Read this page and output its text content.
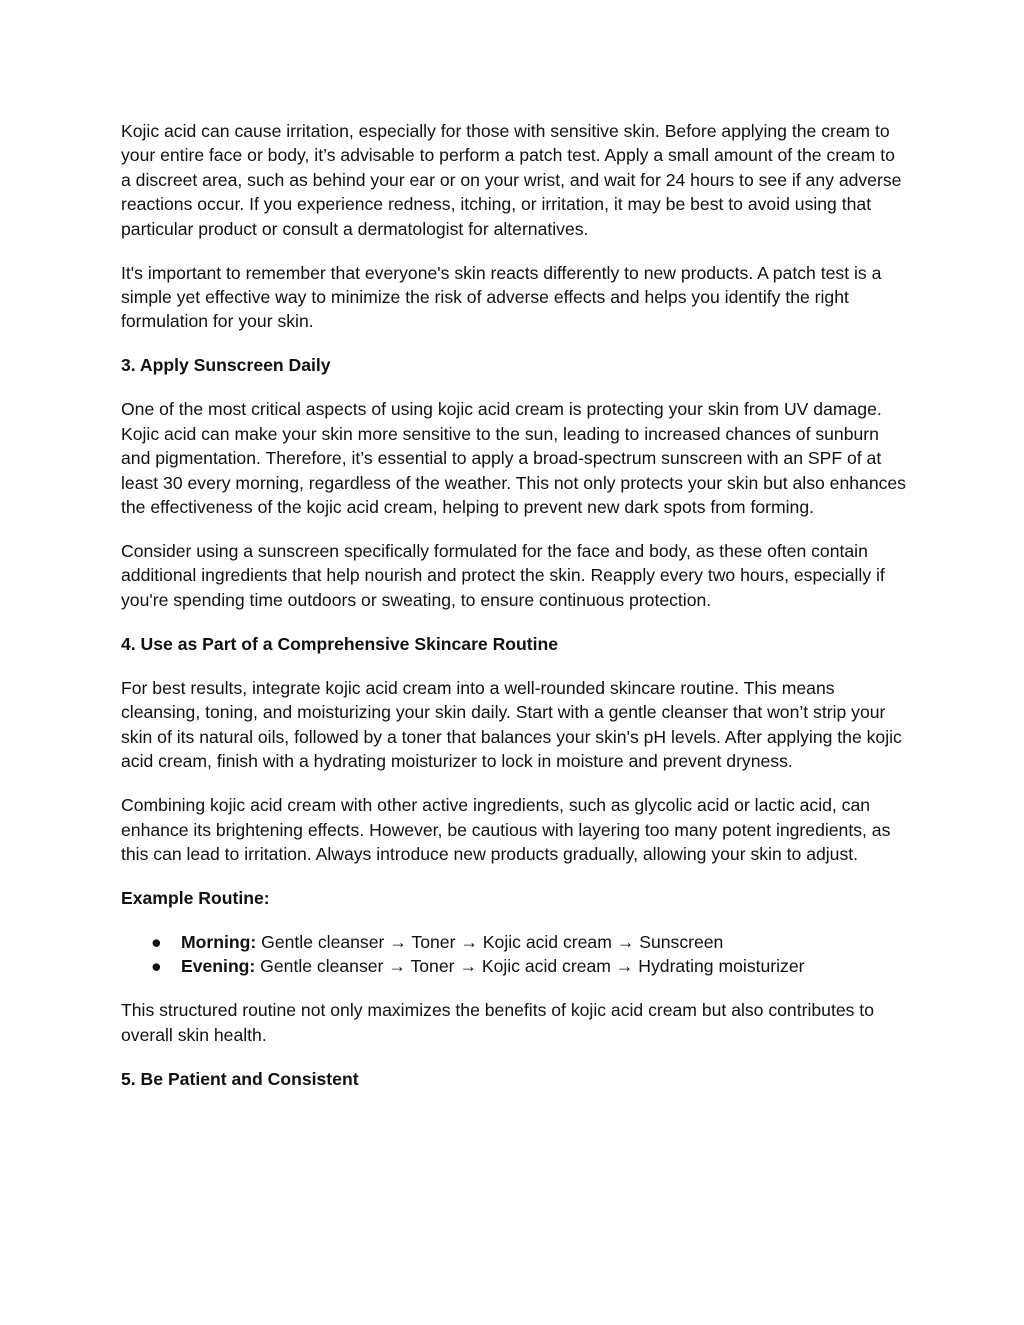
Kojic acid can cause irritation, especially for those with sensitive skin. Before applying the cream to your entire face or body, it’s advisable to perform a patch test. Apply a small amount of the cream to a discreet area, such as behind your ear or on your wrist, and wait for 24 hours to see if any adverse reactions occur. If you experience redness, itching, or irritation, it may be best to avoid using that particular product or consult a dermatologist for alternatives.

It's important to remember that everyone's skin reacts differently to new products. A patch test is a simple yet effective way to minimize the risk of adverse effects and helps you identify the right formulation for your skin.

3. Apply Sunscreen Daily

One of the most critical aspects of using kojic acid cream is protecting your skin from UV damage. Kojic acid can make your skin more sensitive to the sun, leading to increased chances of sunburn and pigmentation. Therefore, it’s essential to apply a broad-spectrum sunscreen with an SPF of at least 30 every morning, regardless of the weather. This not only protects your skin but also enhances the effectiveness of the kojic acid cream, helping to prevent new dark spots from forming.

Consider using a sunscreen specifically formulated for the face and body, as these often contain additional ingredients that help nourish and protect the skin. Reapply every two hours, especially if you're spending time outdoors or sweating, to ensure continuous protection.

4. Use as Part of a Comprehensive Skincare Routine

For best results, integrate kojic acid cream into a well-rounded skincare routine. This means cleansing, toning, and moisturizing your skin daily. Start with a gentle cleanser that won’t strip your skin of its natural oils, followed by a toner that balances your skin's pH levels. After applying the kojic acid cream, finish with a hydrating moisturizer to lock in moisture and prevent dryness.

Combining kojic acid cream with other active ingredients, such as glycolic acid or lactic acid, can enhance its brightening effects. However, be cautious with layering too many potent ingredients, as this can lead to irritation. Always introduce new products gradually, allowing your skin to adjust.

Example Routine:
● Morning: Gentle cleanser → Toner → Kojic acid cream → Sunscreen
● Evening: Gentle cleanser → Toner → Kojic acid cream → Hydrating moisturizer

This structured routine not only maximizes the benefits of kojic acid cream but also contributes to overall skin health.

5. Be Patient and Consistent
